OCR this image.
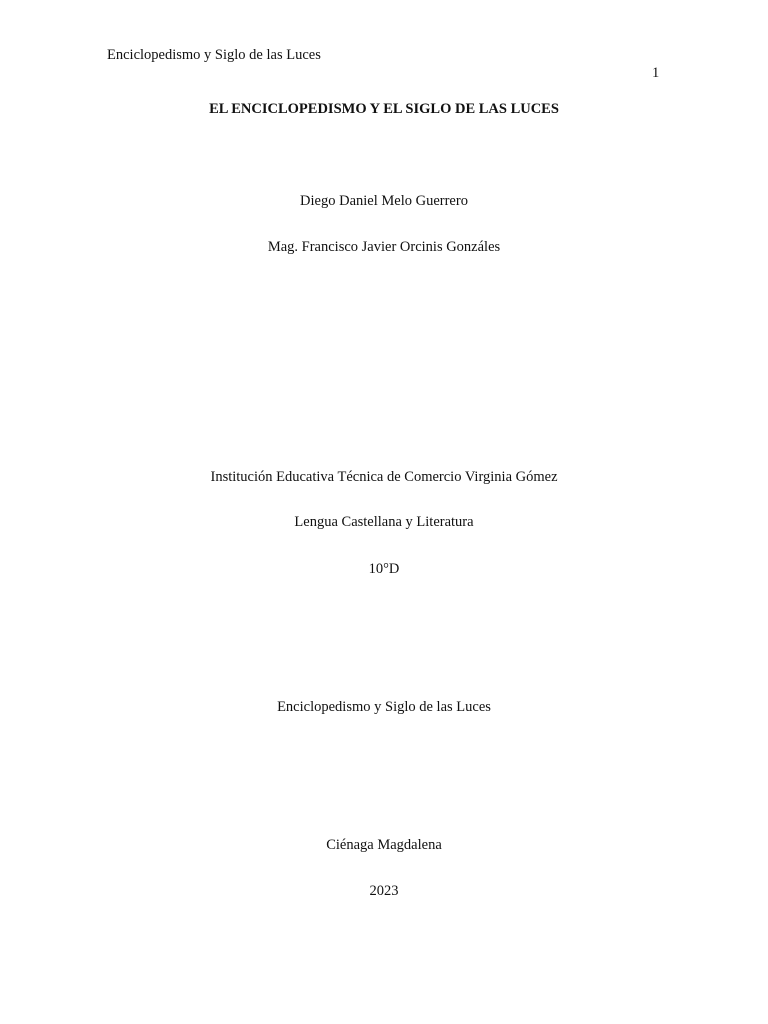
Enciclopedismo y Siglo de las Luces
1
EL ENCICLOPEDISMO Y EL SIGLO DE LAS LUCES
Diego Daniel Melo Guerrero
Mag. Francisco Javier Orcinis Gonzáles
Institución Educativa Técnica de Comercio Virginia Gómez
Lengua Castellana y Literatura
10°D
Enciclopedismo y Siglo de las Luces
Ciénaga Magdalena
2023
